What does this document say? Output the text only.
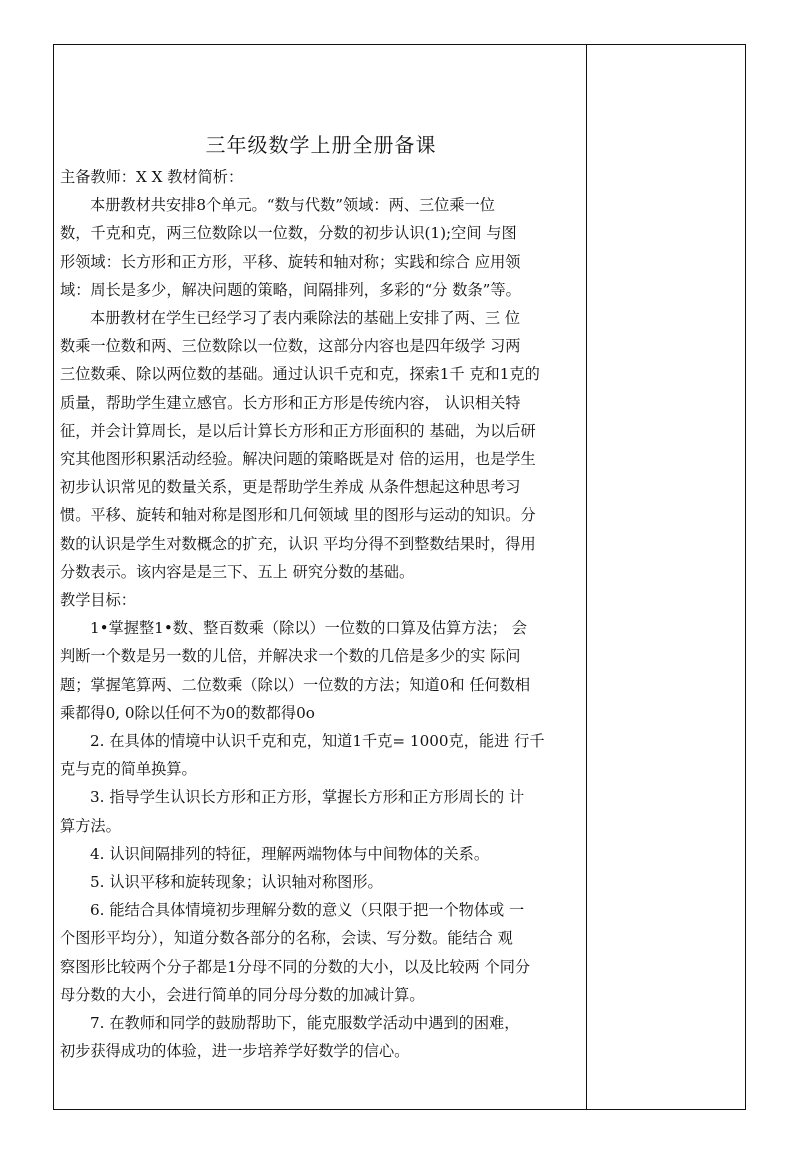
三年级数学上册全册备课

主备教师：X X 教材简析：

本册教材共安排8个单元。“数与代数”领域：两、三位乘一位

数，千克和克，两三位数除以一位数，分数的初步认识(1);空间 与图

形领域：长方形和正方形，平移、旋转和轴对称；实践和综合 应用领

域：周长是多少，解决问题的策略，间隔排列，多彩的“分 数条”等。

本册教材在学生已经学习了表内乘除法的基础上安排了两、三 位

数乘一位数和两、三位数除以一位数，这部分内容也是四年级学 习两

三位数乘、除以两位数的基础。通过认识千克和克，探索1千 克和1克的

质量，帮助学生建立感官。长方形和正方形是传统内容， 认识相关特

征，并会计算周长，是以后计算长方形和正方形面积的 基础，为以后研

究其他图形积累活动经验。解决问题的策略既是对 倍的运用，也是学生

初步认识常见的数量关系，更是帮助学生养成 从条件想起这种思考习

惯。平移、旋转和轴对称是图形和几何领域 里的图形与运动的知识。分

数的认识是学生对数概念的扩充，认识 平均分得不到整数结果时，得用

分数表示。该内容是是三下、五上 研究分数的基础。

教学目标：

1•掌握整1•数、整百数乘（除以）一位数的口算及估算方法； 会

判断一个数是另一数的儿倍，并解决求一个数的几倍是多少的实 际问

题；掌握笔算两、二位数乘（除以）一位数的方法；知道0和 任何数相

乘都得0, 0除以任何不为0的数都得0o

2. 在具体的情境中认识千克和克，知道1千克= 1000克，能进 行千

克与克的简单换算。

3. 指导学生认识长方形和正方形，掌握长方形和正方形周长的 计

算方法。

4. 认识间隔排列的特征，理解两端物体与中间物体的关系。

5. 认识平移和旋转现象；认识轴对称图形。

6. 能结合具体情境初步理解分数的意义（只限于把一个物体或 一

个图形平均分），知道分数各部分的名称，会读、写分数。能结合 观

察图形比较两个分子都是1分母不同的分数的大小，以及比较两 个同分

母分数的大小，会进行简单的同分母分数的加减计算。

7. 在教师和同学的鼓励帮助下，能克服数学活动中遇到的困难，

初步获得成功的体验，进一步培养学好数学的信心。
